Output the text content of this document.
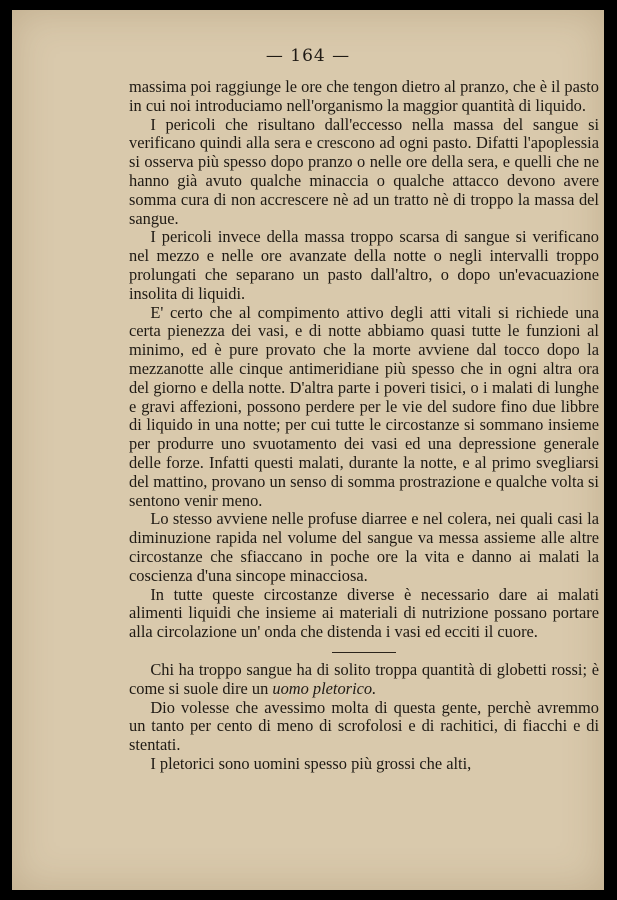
— 164 —

massima poi raggiunge le ore che tengon dietro al pranzo, che è il pasto in cui noi introduciamo nell'organismo la maggior quantità di liquido.

I pericoli che risultano dall'eccesso nella massa del sangue si verificano quindi alla sera e crescono ad ogni pasto. Difatti l'apoplessia si osserva più spesso dopo pranzo o nelle ore della sera, e quelli che ne hanno già avuto qualche minaccia o qualche attacco devono avere somma cura di non accrescere nè ad un tratto nè di troppo la massa del sangue.

I pericoli invece della massa troppo scarsa di sangue si verificano nel mezzo e nelle ore avanzate della notte o negli intervalli troppo prolungati che separano un pasto dall'altro, o dopo un'evacuazione insolita di liquidi.

E' certo che al compimento attivo degli atti vitali si richiede una certa pienezza dei vasi, e di notte abbiamo quasi tutte le funzioni al minimo, ed è pure provato che la morte avviene dal tocco dopo la mezzanotte alle cinque antimeridiane più spesso che in ogni altra ora del giorno e della notte. D'altra parte i poveri tisici, o i malati di lunghe e gravi affezioni, possono perdere per le vie del sudore fino due libbre di liquido in una notte; per cui tutte le circostanze si sommano insieme per produrre uno svuotamento dei vasi ed una depressione generale delle forze. Infatti questi malati, durante la notte, e al primo svegliarsi del mattino, provano un senso di somma prostrazione e qualche volta si sentono venir meno.

Lo stesso avviene nelle profuse diarree e nel colera, nei quali casi la diminuzione rapida nel volume del sangue va messa assieme alle altre circostanze che sfiaccano in poche ore la vita e danno ai malati la coscienza d'una sincope minacciosa.

In tutte queste circostanze diverse è necessario dare ai malati alimenti liquidi che insieme ai materiali di nutrizione possano portare alla circolazione un' onda che distenda i vasi ed ecciti il cuore.

Chi ha troppo sangue ha di solito troppa quantità di globetti rossi; è come si suole dire un uomo pletorico.

Dio volesse che avessimo molta di questa gente, perchè avremmo un tanto per cento di meno di scrofolosi e di rachitici, di fiacchi e di stentati.

I pletorici sono uomini spesso più grossi che alti,
